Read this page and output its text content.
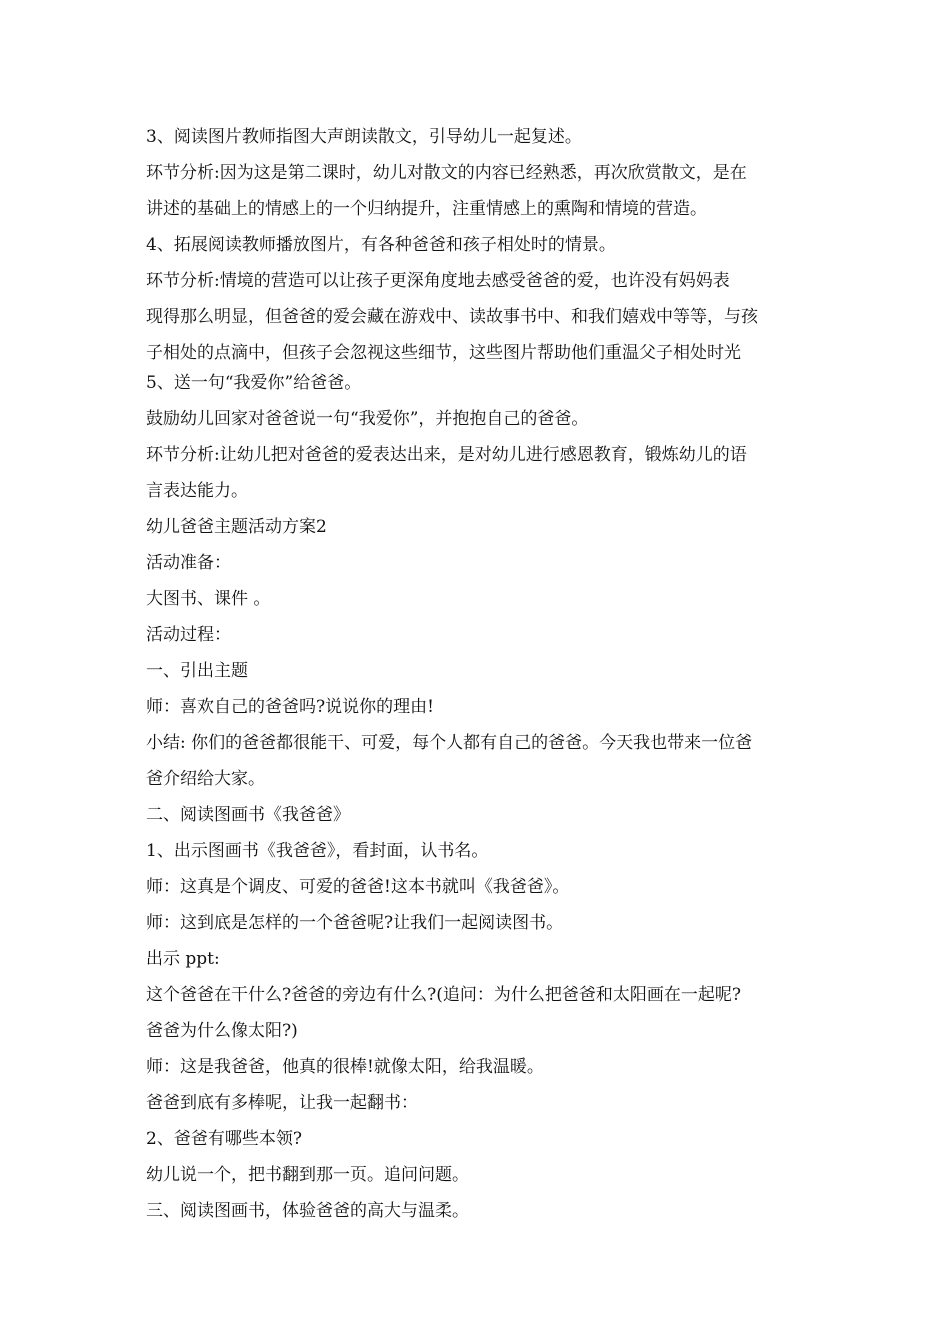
3、阅读图片教师指图大声朗读散文，引导幼儿一起复述。
环节分析:因为这是第二课时，幼儿对散文的内容已经熟悉，再次欣赏散文，是在
讲述的基础上的情感上的一个归纳提升，注重情感上的熏陶和情境的营造。
4、拓展阅读教师播放图片，有各种爸爸和孩子相处时的情景。
环节分析:情境的营造可以让孩子更深角度地去感受爸爸的爱，也许没有妈妈表
现得那么明显，但爸爸的爱会藏在游戏中、读故事书中、和我们嬉戏中等等，与孩
子相处的点滴中，但孩子会忽视这些细节，这些图片帮助他们重温父子相处时光
5、送一句“我爱你”给爸爸。
鼓励幼儿回家对爸爸说一句“我爱你”，并抱抱自己的爸爸。
环节分析:让幼儿把对爸爸的爱表达出来，是对幼儿进行感恩教育，锻炼幼儿的语
言表达能力。
幼儿爸爸主题活动方案2
活动准备：
大图书、课件 。
活动过程：
一、引出主题
师：喜欢自己的爸爸吗?说说你的理由!
小结: 你们的爸爸都很能干、可爱，每个人都有自己的爸爸。今天我也带来一位爸
爸介绍给大家。
二、阅读图画书《我爸爸》
1、出示图画书《我爸爸》，看封面，认书名。
师：这真是个调皮、可爱的爸爸!这本书就叫《我爸爸》。
师：这到底是怎样的一个爸爸呢?让我们一起阅读图书。
出示 ppt:
这个爸爸在干什么?爸爸的旁边有什么?(追问：为什么把爸爸和太阳画在一起呢?
爸爸为什么像太阳?)
师：这是我爸爸，他真的很棒!就像太阳，给我温暖。
爸爸到底有多棒呢，让我一起翻书：
2、爸爸有哪些本领?
幼儿说一个，把书翻到那一页。追问问题。
三、阅读图画书，体验爸爸的高大与温柔。
